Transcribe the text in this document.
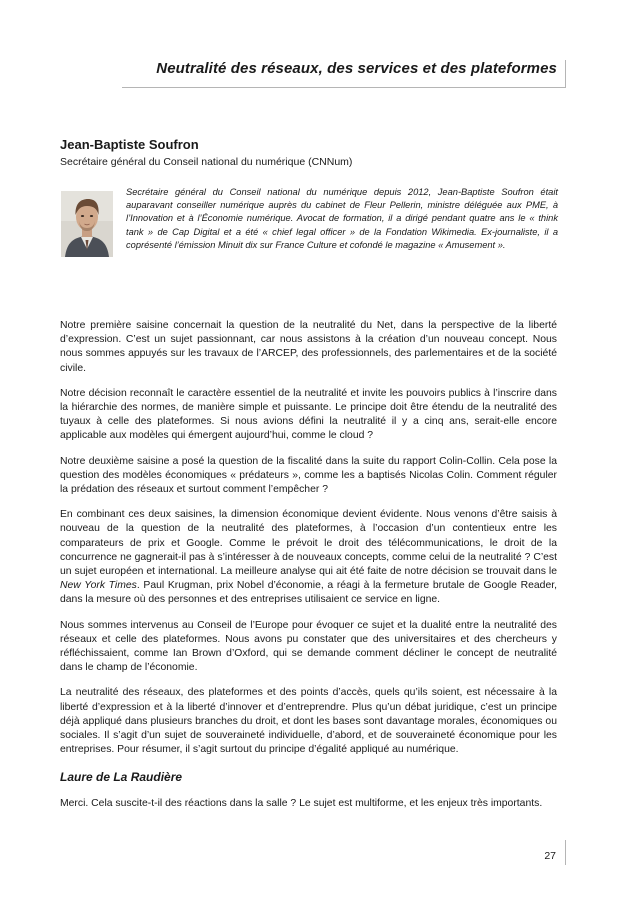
Neutralité des réseaux, des services et des plateformes
Jean-Baptiste Soufron
Secrétaire général du Conseil national du numérique (CNNum)
Secrétaire général du Conseil national du numérique depuis 2012, Jean-Baptiste Soufron était auparavant conseiller numérique auprès du cabinet de Fleur Pellerin, ministre déléguée aux PME, à l’Innovation et à l’Économie numérique. Avocat de formation, il a dirigé pendant quatre ans le « think tank » de Cap Digital et a été « chief legal officer » de la Fondation Wikimedia. Ex-journaliste, il a coprésenté l’émission Minuit dix sur France Culture et cofondé le magazine « Amusement ».

Notre première saisine concernait la question de la neutralité du Net, dans la perspective de la liberté d’expression. C’est un sujet passionnant, car nous assistons à la création d’un nouveau concept. Nous nous sommes appuyés sur les travaux de l’ARCEP, des professionnels, des parlementaires et de la société civile.

Notre décision reconnaît le caractère essentiel de la neutralité et invite les pouvoirs publics à l’inscrire dans la hiérarchie des normes, de manière simple et puissante. Le principe doit être étendu de la neutralité des tuyaux à celle des plateformes. Si nous avions défini la neutralité il y a cinq ans, serait-elle encore applicable aux modèles qui émergent aujourd’hui, comme le cloud ?

Notre deuxième saisine a posé la question de la fiscalité dans la suite du rapport Colin-Collin. Cela pose la question des modèles économiques « prédateurs », comme les a baptisés Nicolas Colin. Comment réguler la prédation des réseaux et surtout comment l’empêcher ?

En combinant ces deux saisines, la dimension économique devient évidente. Nous venons d’être saisis à nouveau de la question de la neutralité des plateformes, à l’occasion d’un contentieux entre les comparateurs de prix et Google. Comme le prévoit le droit des télécommunications, le droit de la concurrence ne gagnerait-il pas à s’intéresser à de nouveaux concepts, comme celui de la neutralité ? C’est un sujet européen et international. La meilleure analyse qui ait été faite de notre décision se trouvait dans le New York Times. Paul Krugman, prix Nobel d’économie, a réagi à la fermeture brutale de Google Reader, dans la mesure où des personnes et des entreprises utilisaient ce service en ligne.

Nous sommes intervenus au Conseil de l’Europe pour évoquer ce sujet et la dualité entre la neutralité des réseaux et celle des plateformes. Nous avons pu constater que des universitaires et des chercheurs y réfléchissaient, comme Ian Brown d’Oxford, qui se demande comment décliner le concept de neutralité dans le champ de l’économie.

La neutralité des réseaux, des plateformes et des points d’accès, quels qu’ils soient, est nécessaire à la liberté d’expression et à la liberté d’innover et d’entreprendre. Plus qu’un débat juridique, c’est un principe déjà appliqué dans plusieurs branches du droit, et dont les bases sont davantage morales, économiques ou sociales. Il s’agit d’un sujet de souveraineté individuelle, d’abord, et de souveraineté économique pour les entreprises. Pour résumer, il s’agit surtout du principe d’égalité appliqué au numérique.

Laure de La Raudière
Merci. Cela suscite-t-il des réactions dans la salle ? Le sujet est multiforme, et les enjeux très importants.
27
